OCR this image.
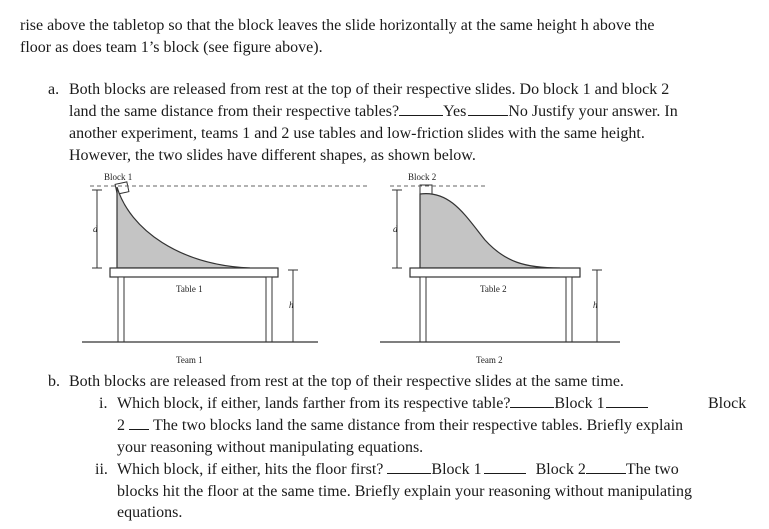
rise above the tabletop so that the block leaves the slide horizontally at the same height h above the
floor as does team 1’s block (see figure above).
a. Both blocks are released from rest at the top of their respective slides. Do block 1 and block 2
land the same distance from their respective tables?	Yes	No Justify your answer. In
another experiment, teams 1 and 2 use tables and low-friction slides with the same height.
However, the two slides have different shapes, as shown below.
Block 1
d
Table 1
h
Team 1
Block 2
d
Table 2
h
Team 2
b. Both blocks are released from rest at the top of their respective slides at the same time.
i. Which block, if either, lands farther from its respective table?	Block 1	Block
2 The two blocks land the same distance from their respective tables. Briefly explain
your reasoning without manipulating equations.
ii. Which block, if either, hits the floor first?	Block 1	Block 2	The two
blocks hit the floor at the same time. Briefly explain your reasoning without manipulating
equations.
